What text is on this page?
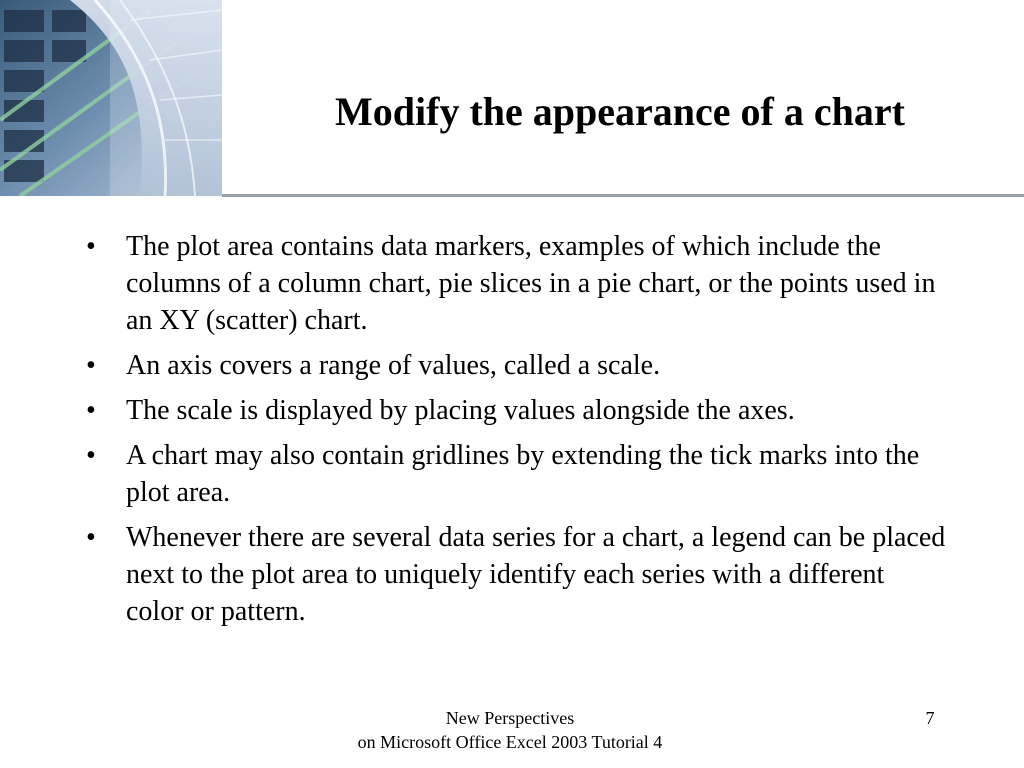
Modify the appearance of a chart
•	The plot area contains data markers, examples of which include the columns of a column chart, pie slices in a pie chart, or the points used in an XY (scatter) chart.
•	An axis covers a range of values, called a scale.
•	The scale is displayed by placing values alongside the axes.
•	A chart may also contain gridlines by extending the tick marks into the plot area.
•	Whenever there are several data series for a chart, a legend can be placed next to the plot area to uniquely identify each series with a different color or pattern.
New Perspectives
on Microsoft Office Excel 2003 Tutorial 4
7
